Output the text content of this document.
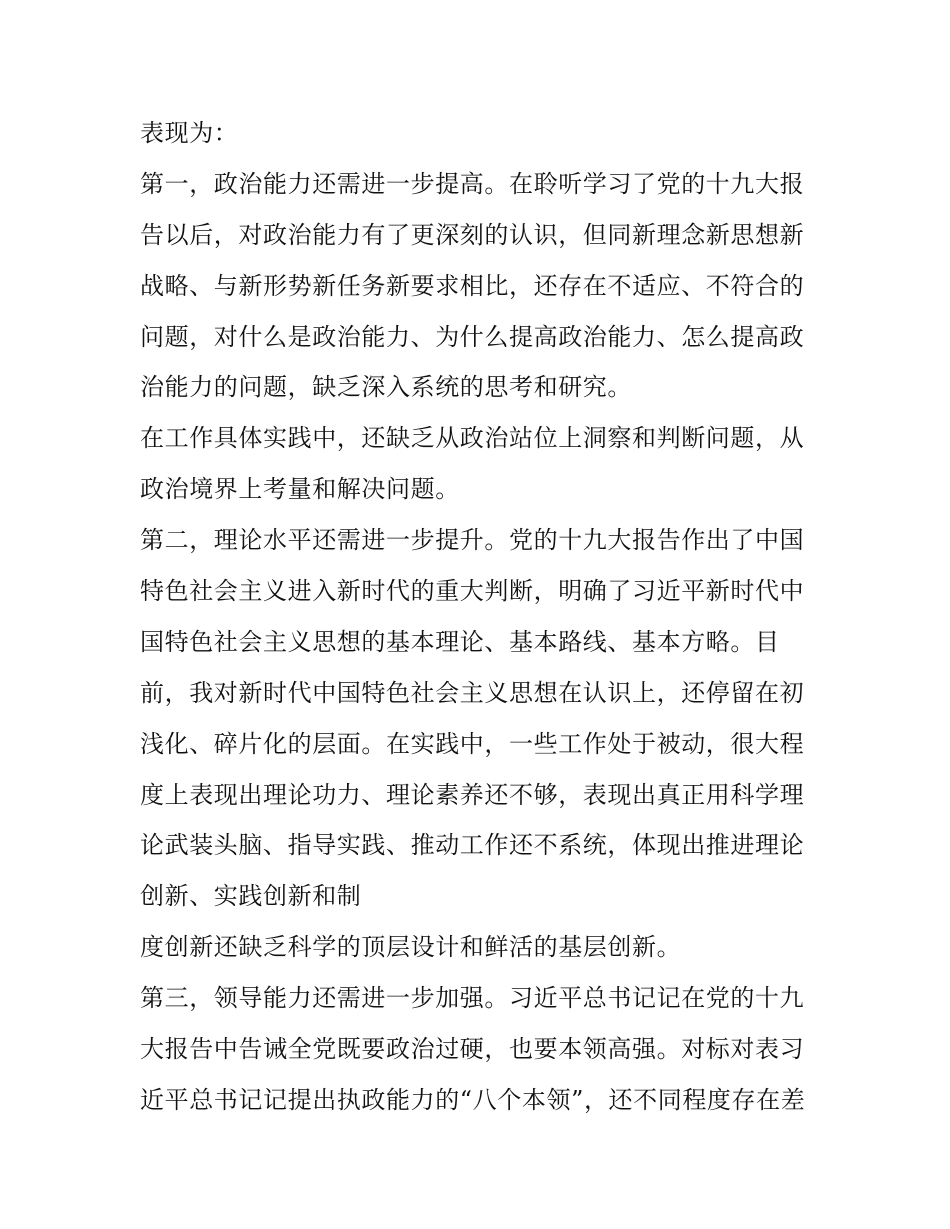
表现为：
第一，政治能力还需进一步提高。在聆听学习了党的十九大报
告以后，对政治能力有了更深刻的认识，但同新理念新思想新
战略、与新形势新任务新要求相比，还存在不适应、不符合的
问题，对什么是政治能力、为什么提高政治能力、怎么提高政
治能力的问题，缺乏深入系统的思考和研究。
在工作具体实践中，还缺乏从政治站位上洞察和判断问题，从
政治境界上考量和解决问题。
第二，理论水平还需进一步提升。党的十九大报告作出了中国
特色社会主义进入新时代的重大判断，明确了习近平新时代中
国特色社会主义思想的基本理论、基本路线、基本方略。目
前，我对新时代中国特色社会主义思想在认识上，还停留在初
浅化、碎片化的层面。在实践中，一些工作处于被动，很大程
度上表现出理论功力、理论素养还不够，表现出真正用科学理
论武装头脑、指导实践、推动工作还不系统，体现出推进理论
创新、实践创新和制
度创新还缺乏科学的顶层设计和鲜活的基层创新。
第三，领导能力还需进一步加强。习近平总书记记在党的十九
大报告中告诫全党既要政治过硬，也要本领高强。对标对表习
近平总书记记提出执政能力的“八个本领”，还不同程度存在差
